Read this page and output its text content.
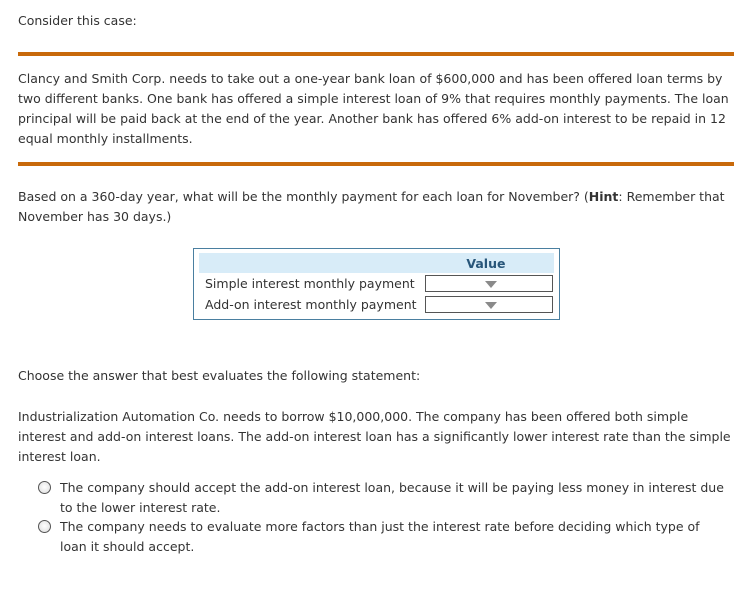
Consider this case:

Clancy and Smith Corp. needs to take out a one-year bank loan of $600,000 and has been offered loan terms by two different banks. One bank has offered a simple interest loan of 9% that requires monthly payments. The loan principal will be paid back at the end of the year. Another bank has offered 6% add-on interest to be repaid in 12 equal monthly installments.

Based on a 360-day year, what will be the monthly payment for each loan for November? (Hint: Remember that November has 30 days.)

	Value
Simple interest monthly payment	

Add-on interest monthly payment	

Choose the answer that best evaluates the following statement:

Industrialization Automation Co. needs to borrow $10,000,000. The company has been offered both simple interest and add-on interest loans. The add-on interest loan has a significantly lower interest rate than the simple interest loan.

The company should accept the add-on interest loan, because it will be paying less money in interest due to the lower interest rate.
The company needs to evaluate more factors than just the interest rate before deciding which type of loan it should accept.
